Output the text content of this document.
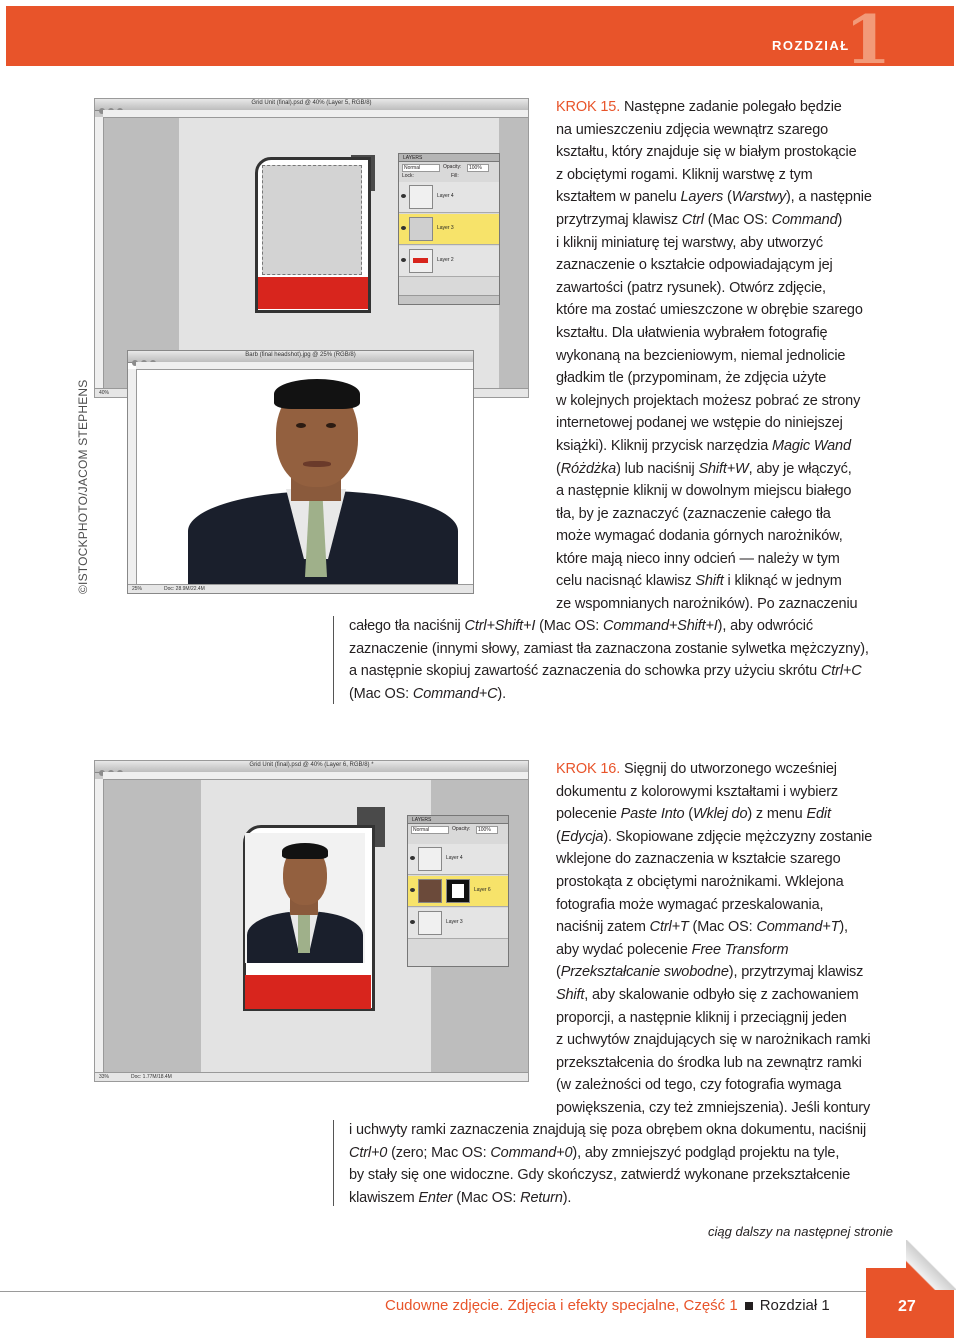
ROZDZIAŁ
1
Grid Unit (final).psd @ 40% (Layer 5, RGB/8)
LAYERS
Normal	Opacity: 100%
Lock:	Fill:
Layer 4
Layer 3
Layer 2
40%
Barb (final headshot).jpg @ 25% (RGB/8)
25%	Doc: 28.9M/22.4M
©ISTOCKPHOTO/JACOM STEPHENS
KROK 15. Następne zadanie polegało będzie
na umieszczeniu zdjęcia wewnątrz szarego
kształtu, który znajduje się w białym prostokącie
z obciętymi rogami. Kliknij warstwę z tym
kształtem w panelu Layers (Warstwy), a następnie
przytrzymaj klawisz Ctrl (Mac OS: Command)
i kliknij miniaturę tej warstwy, aby utworzyć
zaznaczenie o kształcie odpowiadającym jej
zawartości (patrz rysunek). Otwórz zdjęcie,
które ma zostać umieszczone w obrębie szarego
kształtu. Dla ułatwienia wybrałem fotografię
wykonaną na bezcieniowym, niemal jednolicie
gładkim tle (przypominam, że zdjęcia użyte
w kolejnych projektach możesz pobrać ze strony
internetowej podanej we wstępie do niniejszej
książki). Kliknij przycisk narzędzia Magic Wand
(Różdżka) lub naciśnij Shift+W, aby je włączyć,
a następnie kliknij w dowolnym miejscu białego
tła, by je zaznaczyć (zaznaczenie całego tła
może wymagać dodania górnych narożników,
które mają nieco inny odcień — należy w tym
celu nacisnąć klawisz Shift i kliknąć w jednym
ze wspomnianych narożników). Po zaznaczeniu
całego tła naciśnij Ctrl+Shift+I (Mac OS: Command+Shift+I), aby odwrócić
zaznaczenie (innymi słowy, zamiast tła zaznaczona zostanie sylwetka mężczyzny),
a następnie skopiuj zawartość zaznaczenia do schowka przy użyciu skrótu Ctrl+C
(Mac OS: Command+C).
Grid Unit (final).psd @ 40% (Layer 6, RGB/8) *
LAYERS
Normal	Opacity: 100%
Layer 4
Layer 6
Layer 3
33%	Doc: 1.77M/18.4M
KROK 16. Sięgnij do utworzonego wcześniej
dokumentu z kolorowymi kształtami i wybierz
polecenie Paste Into (Wklej do) z menu Edit
(Edycja). Skopiowane zdjęcie mężczyzny zostanie
wklejone do zaznaczenia w kształcie szarego
prostokąta z obciętymi narożnikami. Wklejona
fotografia może wymagać przeskalowania,
naciśnij zatem Ctrl+T (Mac OS: Command+T),
aby wydać polecenie Free Transform
(Przekształcanie swobodne), przytrzymaj klawisz
Shift, aby skalowanie odbyło się z zachowaniem
proporcji, a następnie kliknij i przeciągnij jeden
z uchwytów znajdujących się w narożnikach ramki
przekształcenia do środka lub na zewnątrz ramki
(w zależności od tego, czy fotografia wymaga
powiększenia, czy też zmniejszenia). Jeśli kontury
i uchwyty ramki zaznaczenia znajdują się poza obrębem okna dokumentu, naciśnij
Ctrl+0 (zero; Mac OS: Command+0), aby zmniejszyć podgląd projektu na tyle,
by stały się one widoczne. Gdy skończysz, zatwierdź wykonane przekształcenie
klawiszem Enter (Mac OS: Return).
ciąg dalszy na następnej stronie
Cudowne zdjęcie. Zdjęcia i efekty specjalne, Część 1 Rozdział 1	27
